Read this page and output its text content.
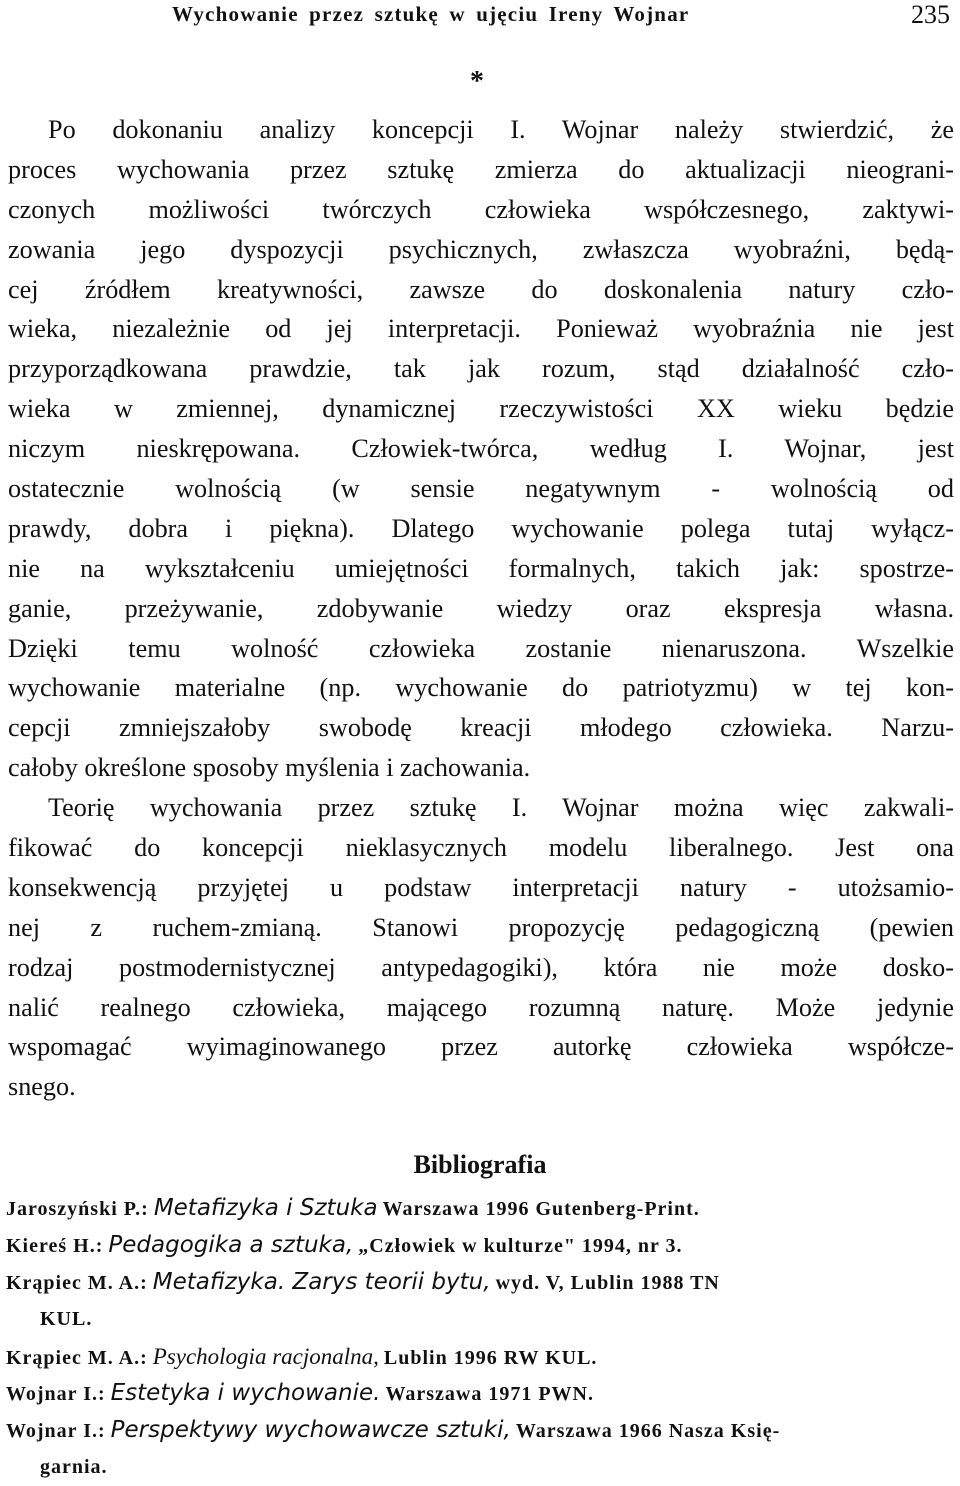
Wychowanie przez sztukę w ujęciu Ireny Wojnar	235
*
Po dokonaniu analizy koncepcji I. Wojnar należy stwierdzić, że
proces wychowania przez sztukę zmierza do aktualizacji nieograni-
czonych możliwości twórczych człowieka współczesnego, zaktywi-
zowania jego dyspozycji psychicznych, zwłaszcza wyobraźni, będą-
cej źródłem kreatywności, zawsze do doskonalenia natury czło-
wieka, niezależnie od jej interpretacji. Ponieważ wyobraźnia nie jest
przyporządkowana prawdzie, tak jak rozum, stąd działalność czło-
wieka w zmiennej, dynamicznej rzeczywistości XX wieku będzie
niczym nieskrępowana. Człowiek-twórca, według I. Wojnar, jest
ostatecznie wolnością (w sensie negatywnym - wolnością od
prawdy, dobra i piękna). Dlatego wychowanie polega tutaj wyłącz-
nie na wykształceniu umiejętności formalnych, takich jak: spostrze-
ganie, przeżywanie, zdobywanie wiedzy oraz ekspresja własna.
Dzięki temu wolność człowieka zostanie nienaruszona. Wszelkie
wychowanie materialne (np. wychowanie do patriotyzmu) w tej kon-
cepcji zmniejszałoby swobodę kreacji młodego człowieka. Narzu-
całoby określone sposoby myślenia i zachowania.
Teorię wychowania przez sztukę I. Wojnar można więc zakwali-
fikować do koncepcji nieklasycznych modelu liberalnego. Jest ona
konsekwencją przyjętej u podstaw interpretacji natury - utożsamio-
nej z ruchem-zmianą. Stanowi propozycję pedagogiczną (pewien
rodzaj postmodernistycznej antypedagogiki), która nie może dosko-
nalić realnego człowieka, mającego rozumną naturę. Może jedynie
wspomagać wyimaginowanego przez autorkę człowieka współcze-
snego.
Bibliografia
Jaroszyński P.: Metafizyka i Sztuka Warszawa 1996 Gutenberg-Print.
Kiereś H.: Pedagogika a sztuka, „Człowiek w kulturze" 1994, nr 3.
Krąpiec M. A.: Metafizyka. Zarys teorii bytu, wyd. V, Lublin 1988 TN
KUL.
Krąpiec M. A.: Psychologia racjonalna, Lublin 1996 RW KUL.
Wojnar I.: Estetyka i wychowanie. Warszawa 1971 PWN.
Wojnar I.: Perspektywy wychowawcze sztuki, Warszawa 1966 Nasza Księ-
garnia.
